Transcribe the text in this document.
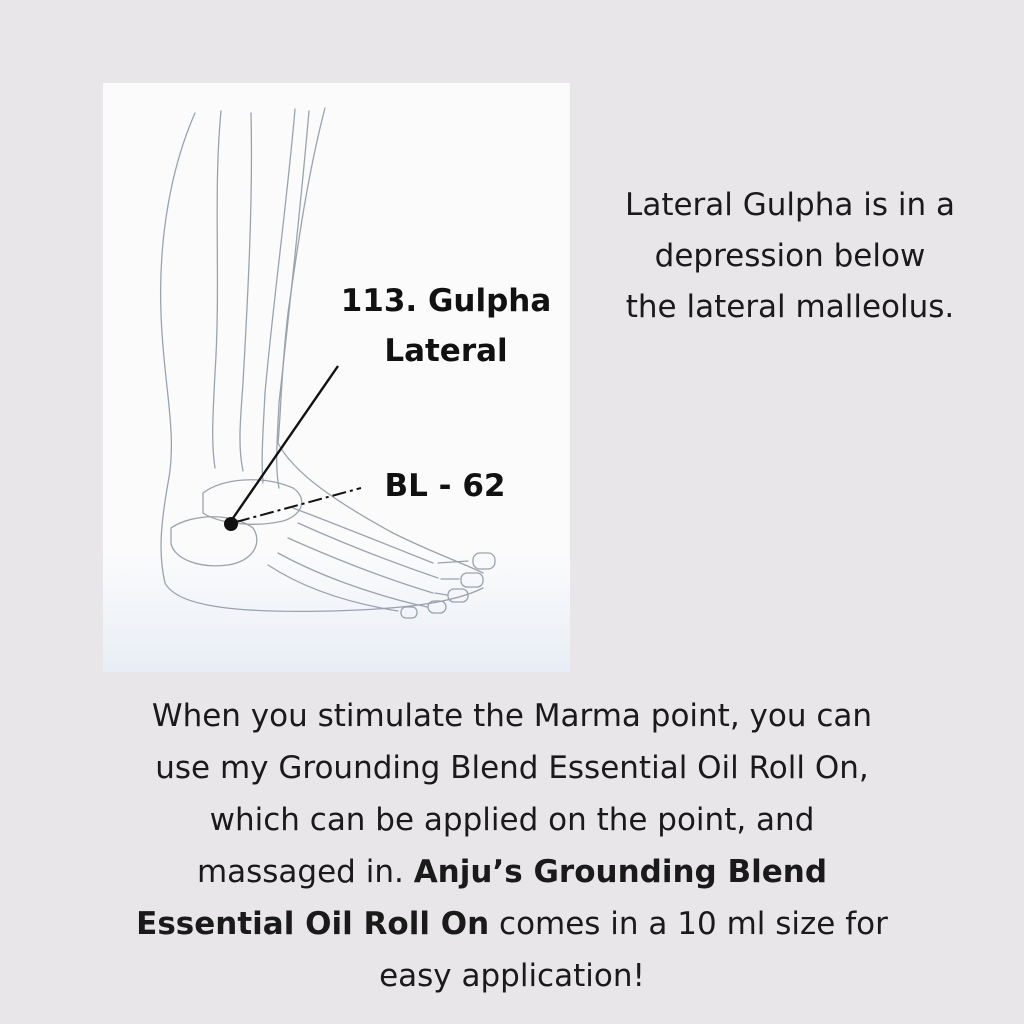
113. Gulpha
Lateral
BL - 62
Lateral Gulpha is in a
depression below
the lateral malleolus.
When you stimulate the Marma point, you can
use my Grounding Blend Essential Oil Roll On,
which can be applied on the point, and
massaged in. Anju’s Grounding Blend
Essential Oil Roll On comes in a 10 ml size for
easy application!
